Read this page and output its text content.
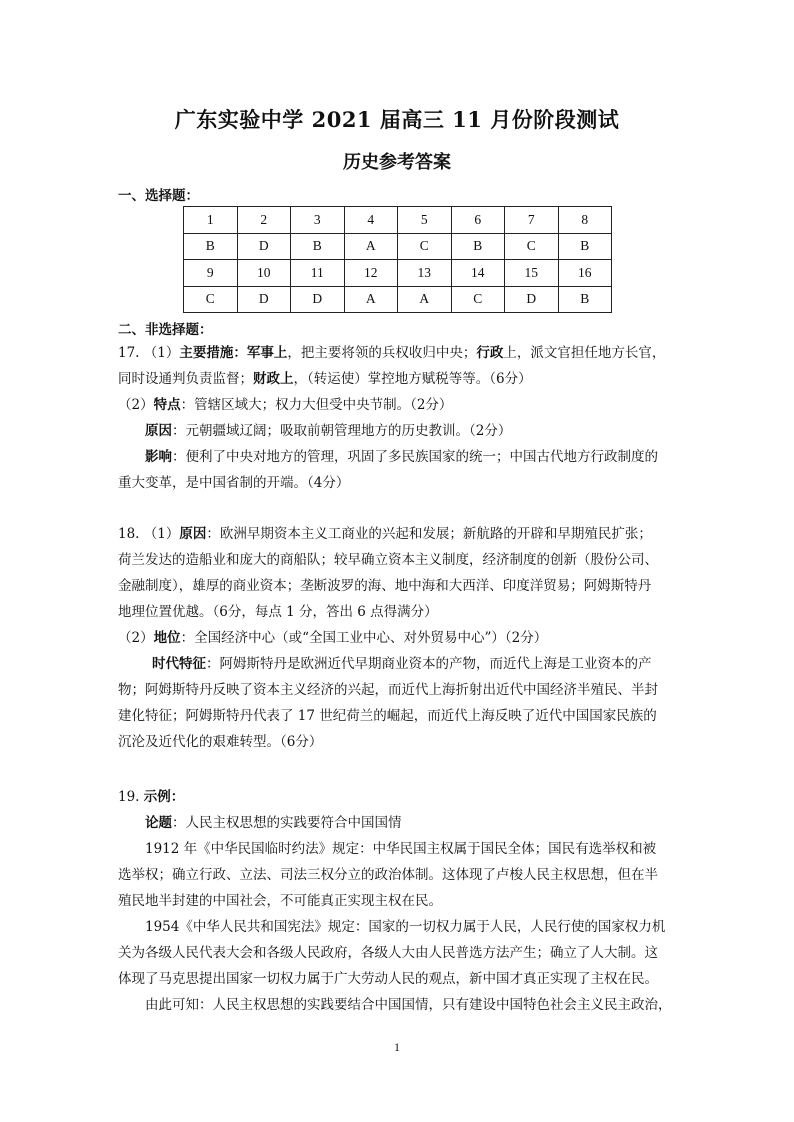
广东实验中学 2021 届高三 11 月份阶段测试
历史参考答案
一、选择题：
1	2	3	4	5	6	7	8
B	D	B	A	C	B	C	B
9	10	11	12	13	14	15	16
C	D	D	A	A	C	D	B
二、非选择题：
17. （1）主要措施：军事上，把主要将领的兵权收归中央；行政上，派文官担任地方长官，
同时设通判负责监督；财政上，（转运使）掌控地方赋税等等。（6分）
（2）特点：管辖区域大；权力大但受中央节制。（2分）
原因：元朝疆域辽阔；吸取前朝管理地方的历史教训。（2分）
影响：便利了中央对地方的管理，巩固了多民族国家的统一；中国古代地方行政制度的
重大变革，是中国省制的开端。（4分）
18. （1）原因：欧洲早期资本主义工商业的兴起和发展；新航路的开辟和早期殖民扩张；
荷兰发达的造船业和庞大的商船队；较早确立资本主义制度，经济制度的创新（股份公司、
金融制度），雄厚的商业资本；垄断波罗的海、地中海和大西洋、印度洋贸易；阿姆斯特丹
地理位置优越。（6分，每点 1 分，答出 6 点得满分）
（2）地位：全国经济中心（或“全国工业中心、对外贸易中心”）（2分）
时代特征：阿姆斯特丹是欧洲近代早期商业资本的产物，而近代上海是工业资本的产
物；阿姆斯特丹反映了资本主义经济的兴起，而近代上海折射出近代中国经济半殖民、半封
建化特征；阿姆斯特丹代表了 17 世纪荷兰的崛起，而近代上海反映了近代中国国家民族的
沉沦及近代化的艰难转型。（6分）
19. 示例：
论题：人民主权思想的实践要符合中国国情
1912 年《中华民国临时约法》规定：中华民国主权属于国民全体；国民有选举权和被
选举权；确立行政、立法、司法三权分立的政治体制。这体现了卢梭人民主权思想，但在半
殖民地半封建的中国社会，不可能真正实现主权在民。
1954《中华人民共和国宪法》规定：国家的一切权力属于人民，人民行使的国家权力机
关为各级人民代表大会和各级人民政府，各级人大由人民普选方法产生；确立了人大制。这
体现了马克思提出国家一切权力属于广大劳动人民的观点，新中国才真正实现了主权在民。
由此可知：人民主权思想的实践要结合中国国情，只有建设中国特色社会主义民主政治，
1
